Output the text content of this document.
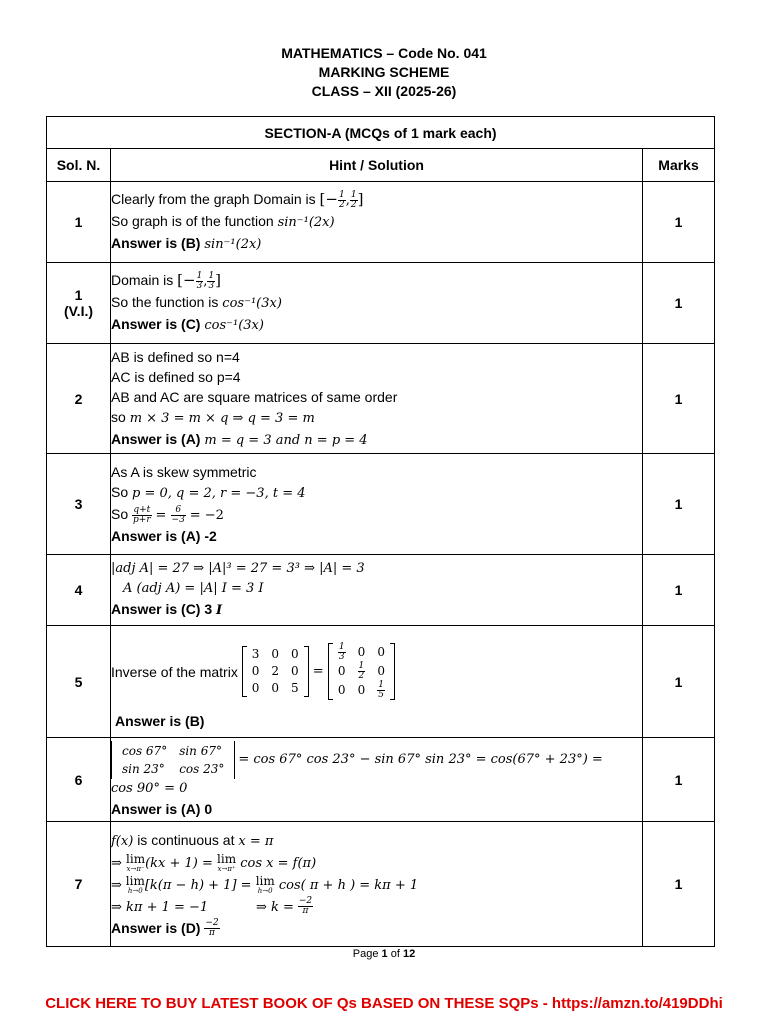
MATHEMATICS – Code No. 041
MARKING SCHEME
CLASS – XII (2025-26)
SECTION-A (MCQs of 1 mark each)
Sol. N.	Hint / Solution	Marks
1	
Clearly from the graph Domain is [− $\frac{1}{2}$ , $\frac{1}{2}$ ]
So graph is of the function sin⁻¹(2x)
Answer is (B) sin⁻¹(2x)
	1
1
(V.I.)	
Domain is [− $\frac{1}{3}$ , $\frac{1}{3}$ ]
So the function is cos⁻¹(3x)
Answer is (C) cos⁻¹(3x)
	1
2	
AB is defined so n=4
AC is defined so p=4
AB and AC are square matrices of same order
so m × 3 = m × q ⇒ q = 3 = m
Answer is (A) m = q = 3 and n = p = 4
	1
3	
As A is skew symmetric
So p = 0, q = 2, r = −3, t = 4
So $\frac{q+t}{p+r} = \frac{6}{-3} = -2$
Answer is (A) -2
	1
4	
|adj A| = 27 ⇒ |A|³ = 27 = 3³ ⇒ |A| = 3
A (adj A) = |A| I = 3 I
Answer is (C) 3 I
	1
5	
Inverse of the matrix

3	0	0
0	2	0
0	0	5
=
$\frac{1}{3}$	0	0
0	$\frac{1}{2}$	0
0	0	$\frac{1}{5}$
Answer is (B)
	1
6	
cos 67°	sin 67°
sin 23°	cos 23°
= cos 67° cos 23° − sin 67° sin 23° = cos(67° + 23°) =
cos 90° = 0
Answer is (A) 0
	1
7	
f(x) is continuous at x = π
⇒ lim
x→π⁻ (kx + 1) = lim
x→π⁺ cos x = f(π)
⇒ lim
h→0 [k(π − h) + 1] = lim
h→0 cos( π + h ) = kπ + 1
⇒ kπ + 1 = −1	⇒ $k = \frac{-2}{\pi}$
Answer is $(D) \frac{-2}{\pi}$
	1
Page 1 of 12
CLICK HERE TO BUY LATEST BOOK OF Qs BASED ON THESE SQPs - https://amzn.to/419DDhi
